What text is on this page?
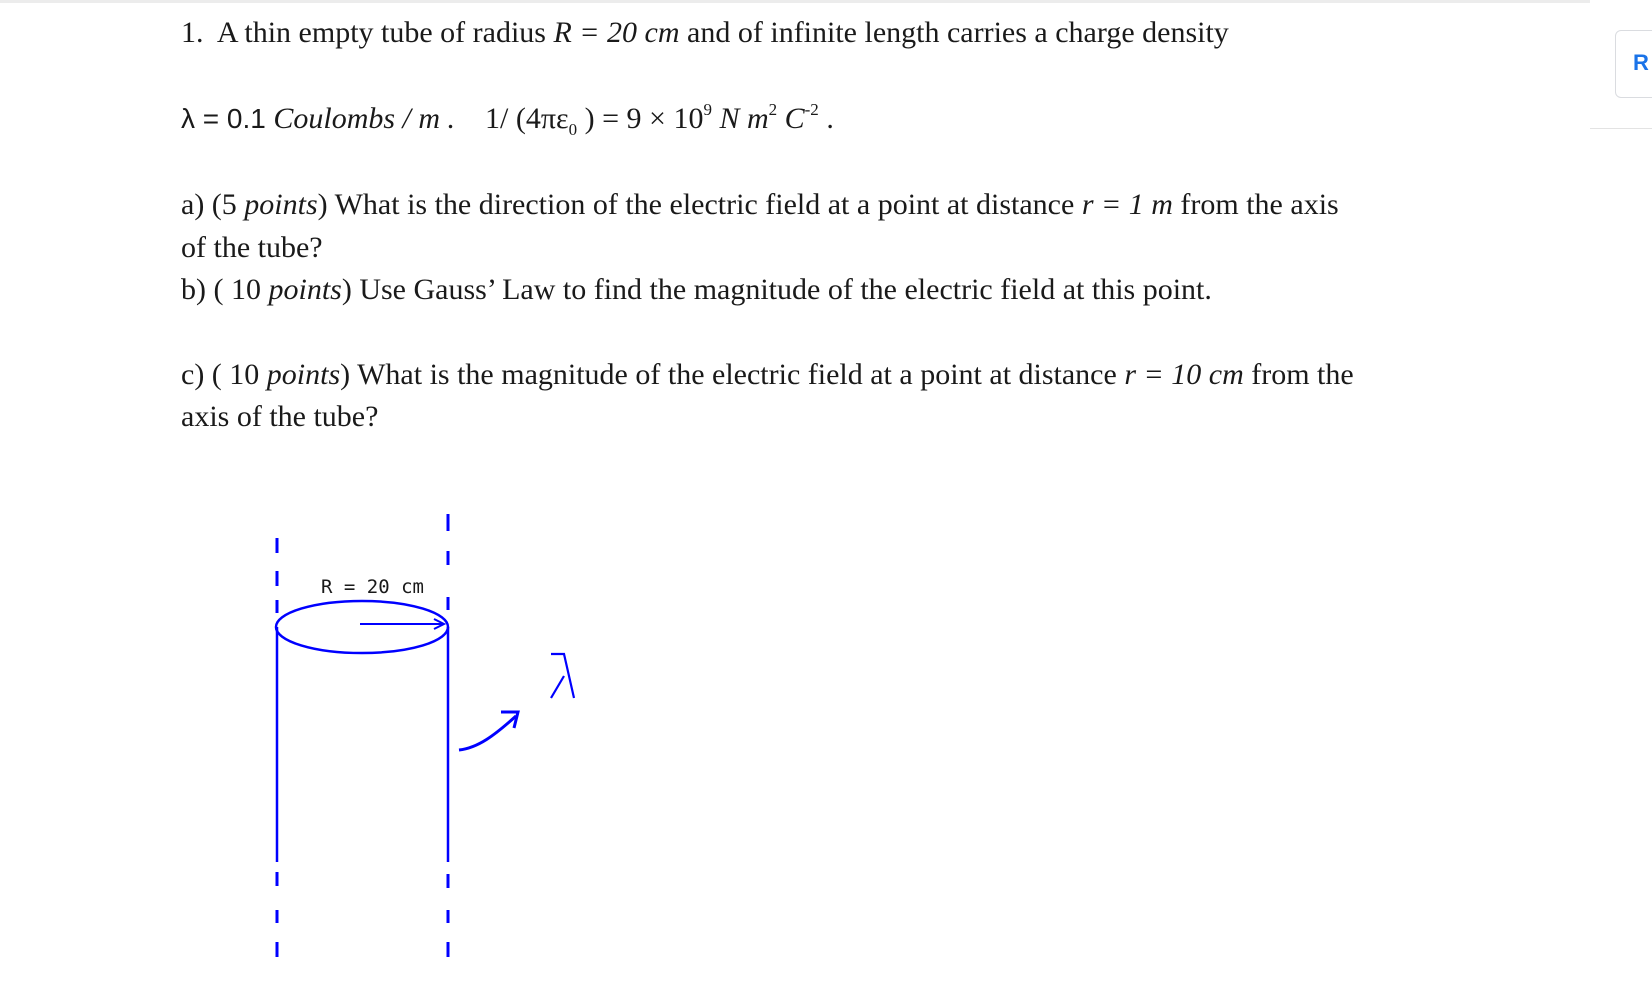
1. A thin empty tube of radius R = 20 cm and of infinite length carries a charge density
λ = 0.1 Coulombs / m . 1/ ($4\pi\varepsilon_0$ ) = $9 \times 10^9$ N $m^2$ $C^{-2}$ .
a) (5 points) What is the direction of the electric field at a point at distance r = 1 m from the axis
of the tube?
b) ( 10 points) Use Gauss’ Law to find the magnitude of the electric field at this point.
c) ( 10 points) What is the magnitude of the electric field at a point at distance r = 10 cm from the
axis of the tube?
R = 20 cm
R
